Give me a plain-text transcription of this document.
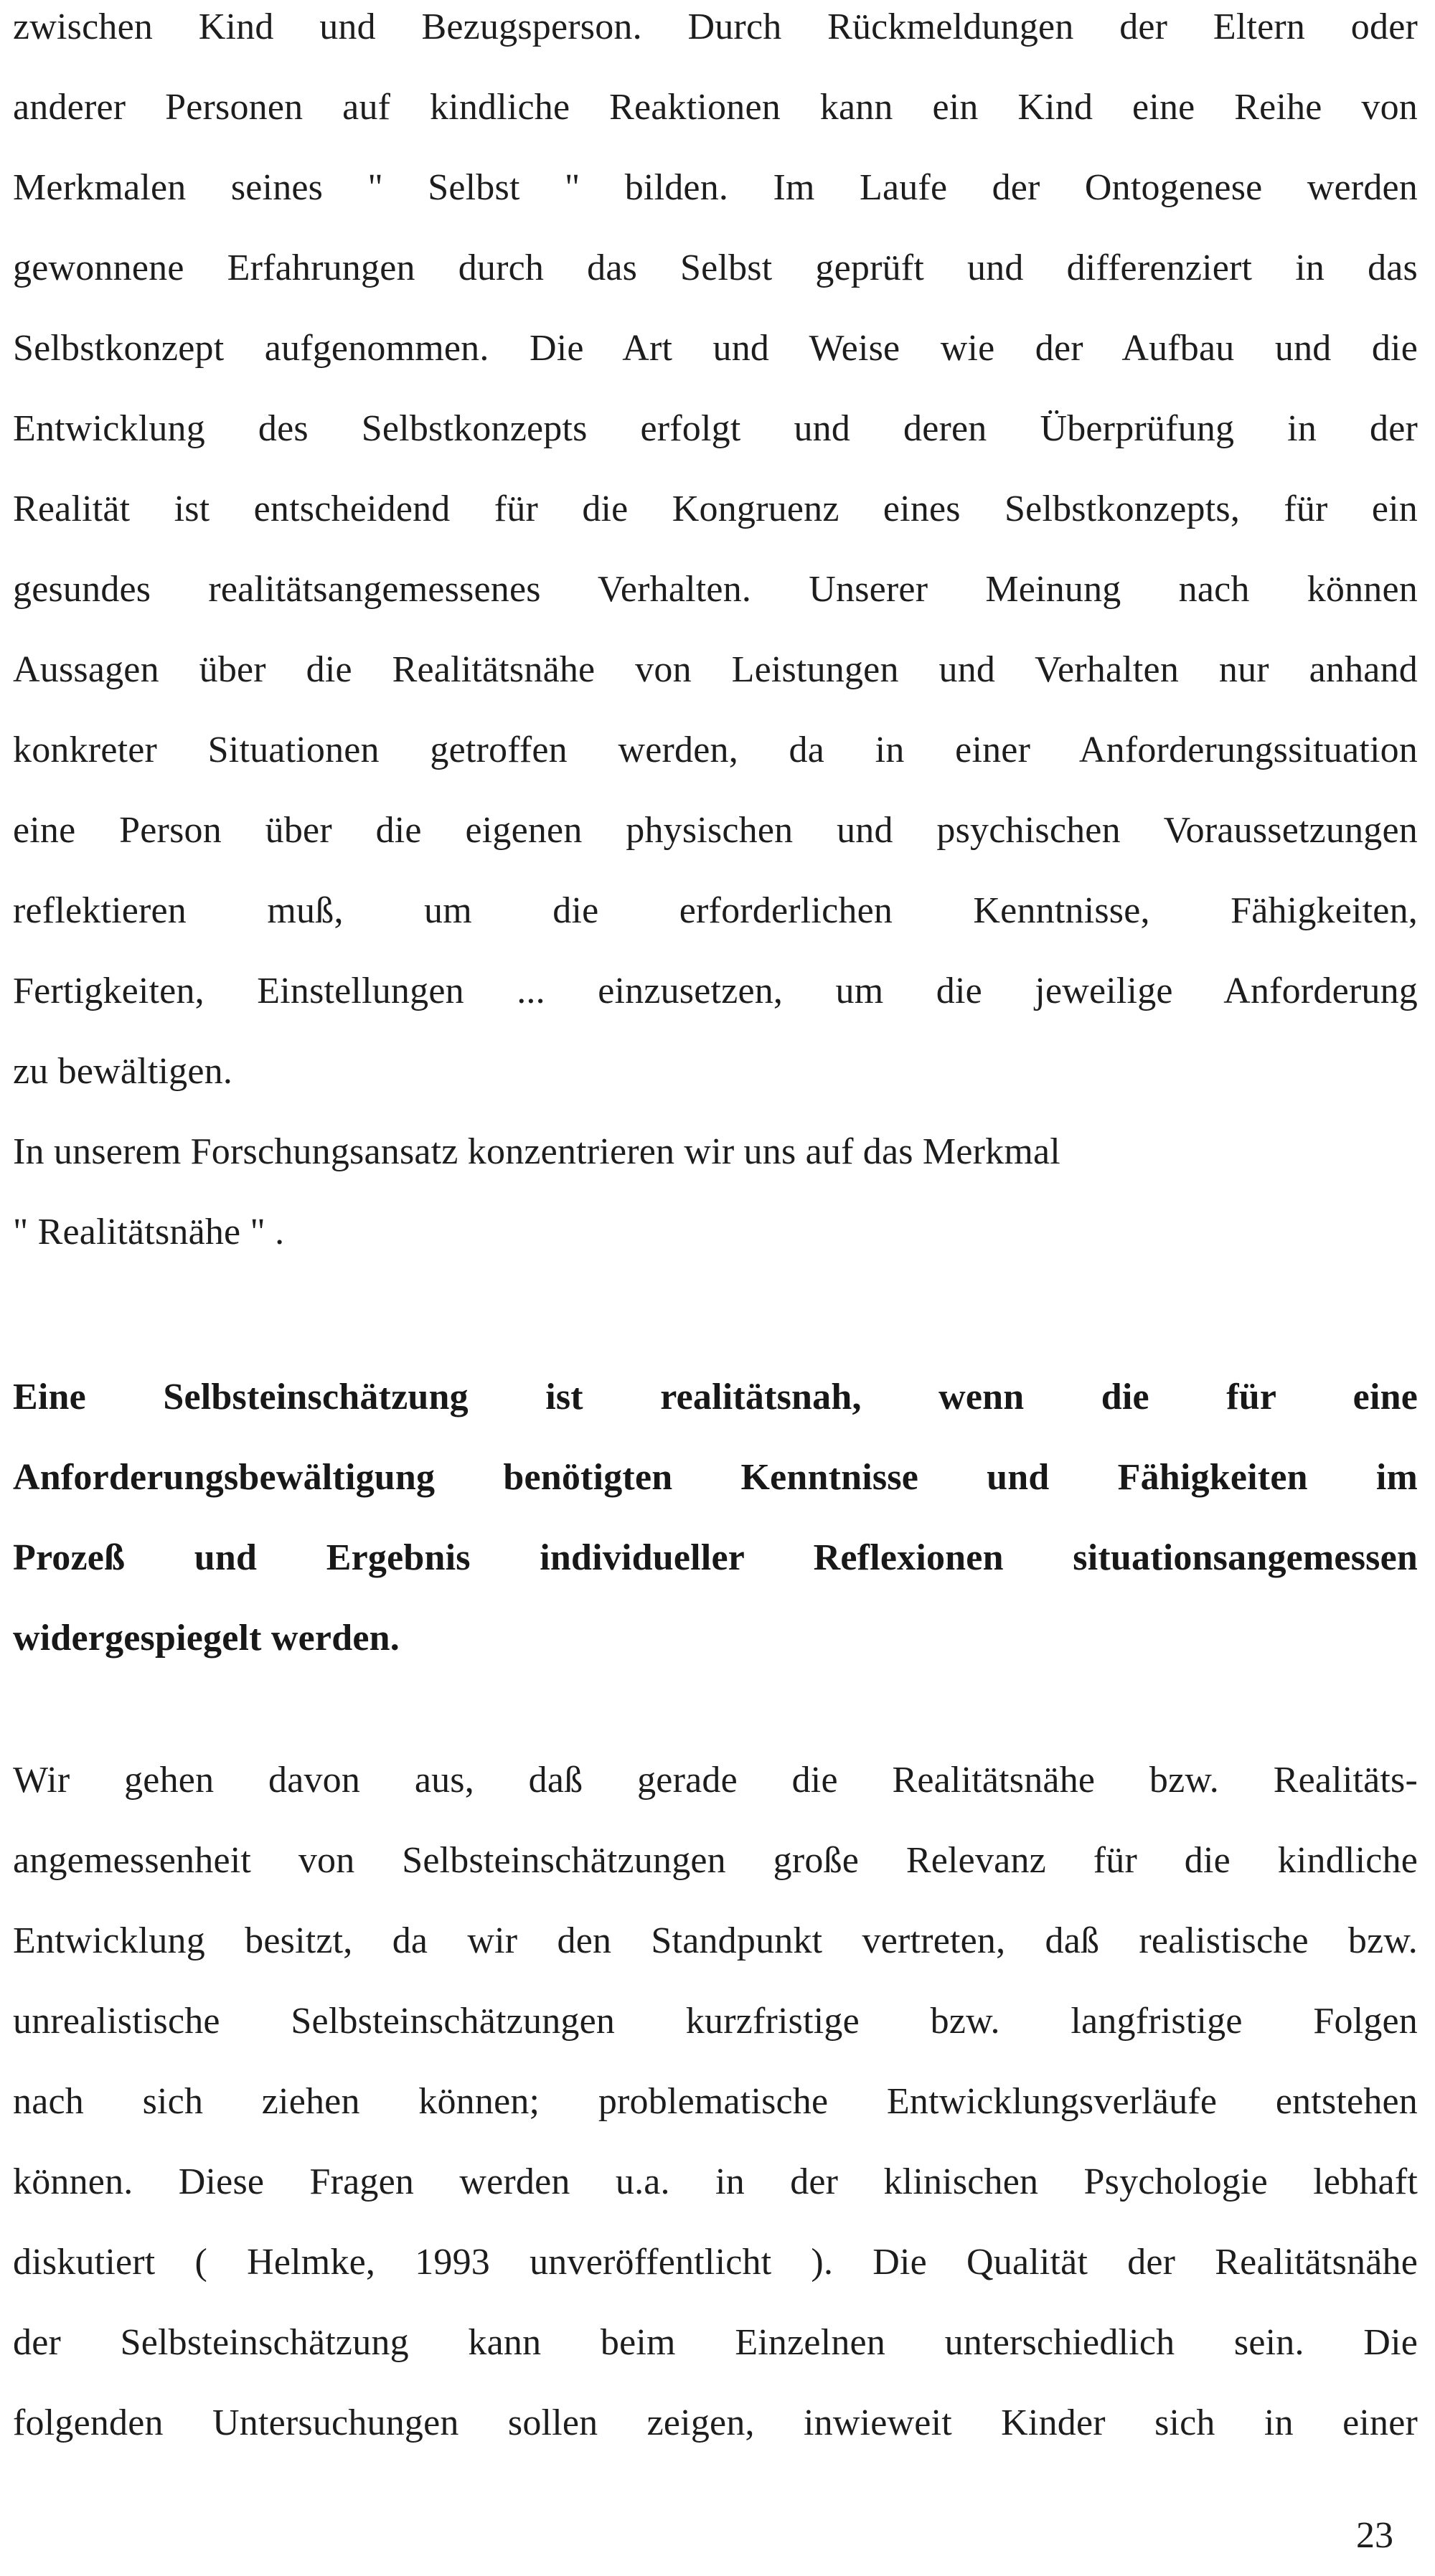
zwischen Kind und Bezugsperson. Durch Rückmeldungen der Eltern oder
anderer Personen auf kindliche Reaktionen kann ein Kind eine Reihe von
Merkmalen seines " Selbst " bilden. Im Laufe der Ontogenese werden
gewonnene Erfahrungen durch das Selbst geprüft und differenziert in das
Selbstkonzept aufgenommen. Die Art und Weise wie der Aufbau und die
Entwicklung des Selbstkonzepts erfolgt und deren Überprüfung in der
Realität ist entscheidend für die Kongruenz eines Selbstkonzepts, für ein
gesundes realitätsangemessenes Verhalten. Unserer Meinung nach können
Aussagen über die Realitätsnähe von Leistungen und Verhalten nur anhand
konkreter Situationen getroffen werden, da in einer Anforderungssituation
eine Person über die eigenen physischen und psychischen Voraussetzungen
reflektieren muß, um die erforderlichen Kenntnisse, Fähigkeiten,
Fertigkeiten, Einstellungen ... einzusetzen, um die jeweilige Anforderung
zu bewältigen.
In unserem Forschungsansatz konzentrieren wir uns auf das Merkmal
" Realitätsnähe " .
Eine Selbsteinschätzung ist realitätsnah, wenn die für eine
Anforderungsbewältigung benötigten Kenntnisse und Fähigkeiten im
Prozeß und Ergebnis individueller Reflexionen situationsangemessen
widergespiegelt werden.
Wir gehen davon aus, daß gerade die Realitätsnähe bzw. Realitäts-
angemessenheit von Selbsteinschätzungen große Relevanz für die kindliche
Entwicklung besitzt, da wir den Standpunkt vertreten, daß realistische bzw.
unrealistische Selbsteinschätzungen kurzfristige bzw. langfristige Folgen
nach sich ziehen können; problematische Entwicklungsverläufe entstehen
können. Diese Fragen werden u.a. in der klinischen Psychologie lebhaft
diskutiert ( Helmke, 1993 unveröffentlicht ). Die Qualität der Realitätsnähe
der Selbsteinschätzung kann beim Einzelnen unterschiedlich sein. Die
folgenden Untersuchungen sollen zeigen, inwieweit Kinder sich in einer
23
